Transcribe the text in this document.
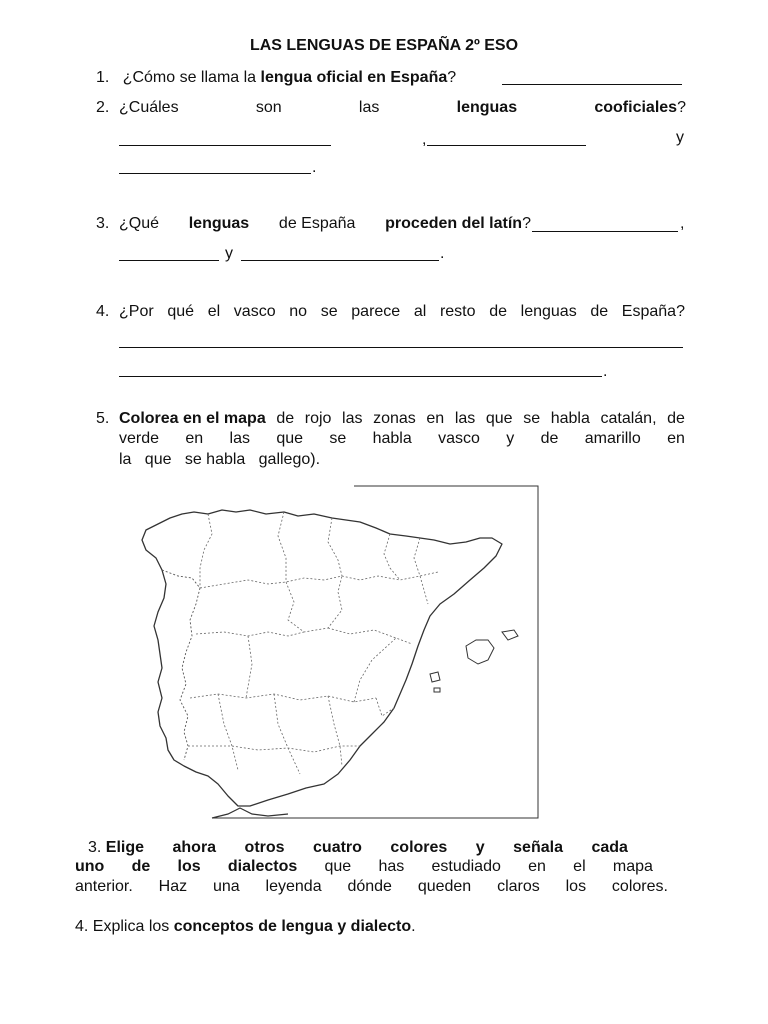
LAS LENGUAS DE ESPAÑA 2º ESO
1. ¿Cómo se llama la lengua oficial en España?
2. ¿Cuáles	son	las	lenguas	cooficiales?
,	y
.
3. ¿Qué lenguas de España proceden del latín?	,
y	.
4. ¿Por qué el vasco no se parece al resto de lenguas de España?
.
5. Colorea en el mapa de rojo las zonas en las que se habla catalán, de
verde en las que se habla vasco y de amarillo en
la   que   se habla   gallego).
3. Elige ahora otros cuatro colores y señala cada
uno de los dialectos que has estudiado en el mapa
anterior. Haz una leyenda dónde queden claros los colores.
4. Explica los conceptos de lengua y dialecto.
